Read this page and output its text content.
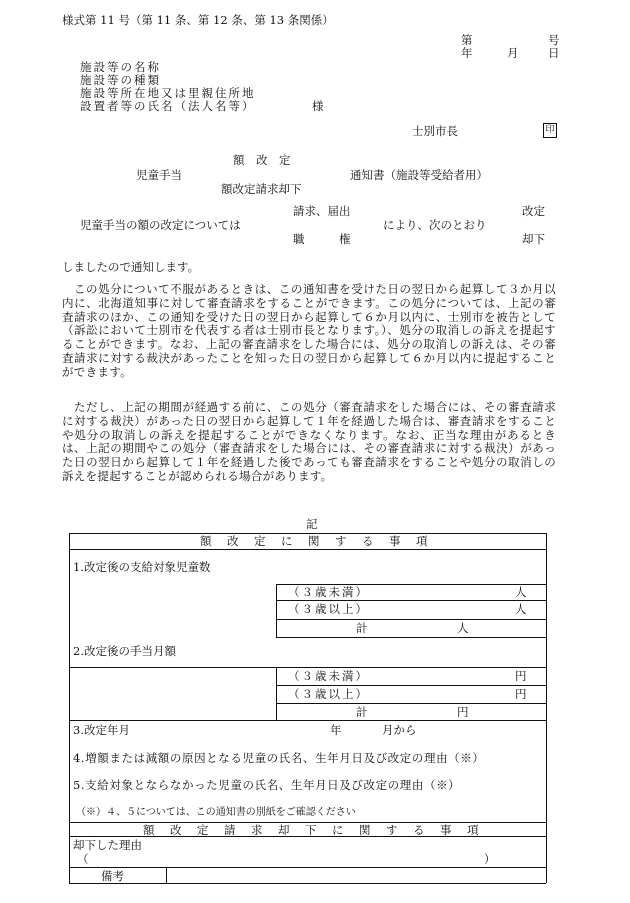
様式第 11 号（第 11 条、第 12 条、第 13 条関係）
第	号
年	月	日
施設等の名称
施設等の種類
施設等所在地又は里親住所地
設置者等の氏名（法人名等）	様
士別市長	印
額　改　定
児童手当	通知書（施設等受給者用）
額改定請求却下
請求、届出	改定
児童手当の額の改定については	により、次のとおり
職　　　権	却下
しましたので通知します。
この処分について不服があるときは、この通知書を受けた日の翌日から起算して３か月以内に、北海道知事に対して審査請求をすることができます。この処分については、上記の審査請求のほか、この通知を受けた日の翌日から起算して６か月以内に、士別市を被告として（訴訟において士別市を代表する者は士別市長となります。）、処分の取消しの訴えを提起することができます。なお、上記の審査請求をした場合には、処分の取消しの訴えは、その審査請求に対する裁決があったことを知った日の翌日から起算して６か月以内に提起することができます。
ただし、上記の期間が経過する前に、この処分（審査請求をした場合には、その審査請求に対する裁決）があった日の翌日から起算して１年を経過した場合は、審査請求をすることや処分の取消しの訴えを提起することができなくなります。なお、正当な理由があるときは、上記の期間やこの処分（審査請求をした場合には、その審査請求に対する裁決）があった日の翌日から起算して１年を経過した後であっても審査請求をすることや処分の取消しの訴えを提起することが認められる場合があります。
記
額　改　定　に　関　す　る　事　項
1.改定後の支給対象児童数
（３歳未満）	人
（３歳以上）	人
計	人
2.改定後の手当月額
（３歳未満）	円
（３歳以上）	円
計	円
3.改定年月	年	月から
4.増額または減額の原因となる児童の氏名、生年月日及び改定の理由（※）
5.支給対象とならなかった児童の氏名、生年月日及び改定の理由（※）
（※）４、５については、この通知書の別紙をご確認ください
額　改　定　請　求　却　下　に　関　す　る　事　項
却下した理由
（	）
備考
